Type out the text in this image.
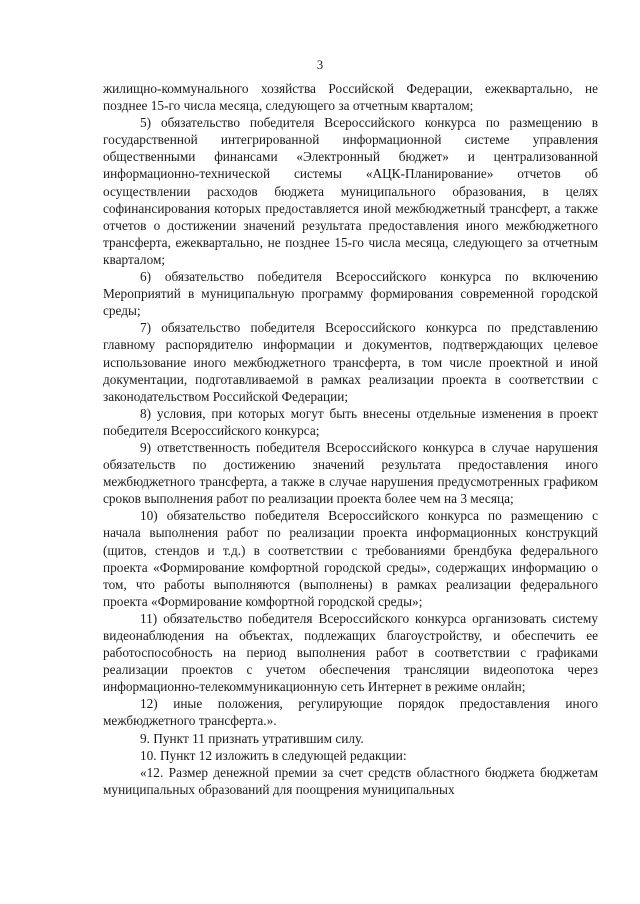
3

жилищно-коммунального хозяйства Российской Федерации, ежеквартально, не позднее 15-го числа месяца, следующего за отчетным кварталом;

5) обязательство победителя Всероссийского конкурса по размещению в государственной интегрированной информационной системе управления общественными финансами «Электронный бюджет» и централизованной информационно-технической системы «АЦК-Планирование» отчетов об осуществлении расходов бюджета муниципального образования, в целях софинансирования которых предоставляется иной межбюджетный трансферт, а также отчетов о достижении значений результата предоставления иного межбюджетного трансферта, ежеквартально, не позднее 15-го числа месяца, следующего за отчетным кварталом;

6) обязательство победителя Всероссийского конкурса по включению Мероприятий в муниципальную программу формирования современной городской среды;

7) обязательство победителя Всероссийского конкурса по представлению главному распорядителю информации и документов, подтверждающих целевое использование иного межбюджетного трансферта, в том числе проектной и иной документации, подготавливаемой в рамках реализации проекта в соответствии с законодательством Российской Федерации;

8) условия, при которых могут быть внесены отдельные изменения в проект победителя Всероссийского конкурса;

9) ответственность победителя Всероссийского конкурса в случае нарушения обязательств по достижению значений результата предоставления иного межбюджетного трансферта, а также в случае нарушения предусмотренных графиком сроков выполнения работ по реализации проекта более чем на 3 месяца;

10) обязательство победителя Всероссийского конкурса по размещению с начала выполнения работ по реализации проекта информационных конструкций (щитов, стендов и т.д.) в соответствии с требованиями брендбука федерального проекта «Формирование комфортной городской среды», содержащих информацию о том, что работы выполняются (выполнены) в рамках реализации федерального проекта «Формирование комфортной городской среды»;

11) обязательство победителя Всероссийского конкурса организовать систему видеонаблюдения на объектах, подлежащих благоустройству, и обеспечить ее работоспособность на период выполнения работ в соответствии с графиками реализации проектов с учетом обеспечения трансляции видеопотока через информационно-телекоммуникационную сеть Интернет в режиме онлайн;

12) иные положения, регулирующие порядок предоставления иного межбюджетного трансферта.».

9. Пункт 11 признать утратившим силу.

10. Пункт 12 изложить в следующей редакции:

«12. Размер денежной премии за счет средств областного бюджета бюджетам муниципальных образований для поощрения муниципальных
